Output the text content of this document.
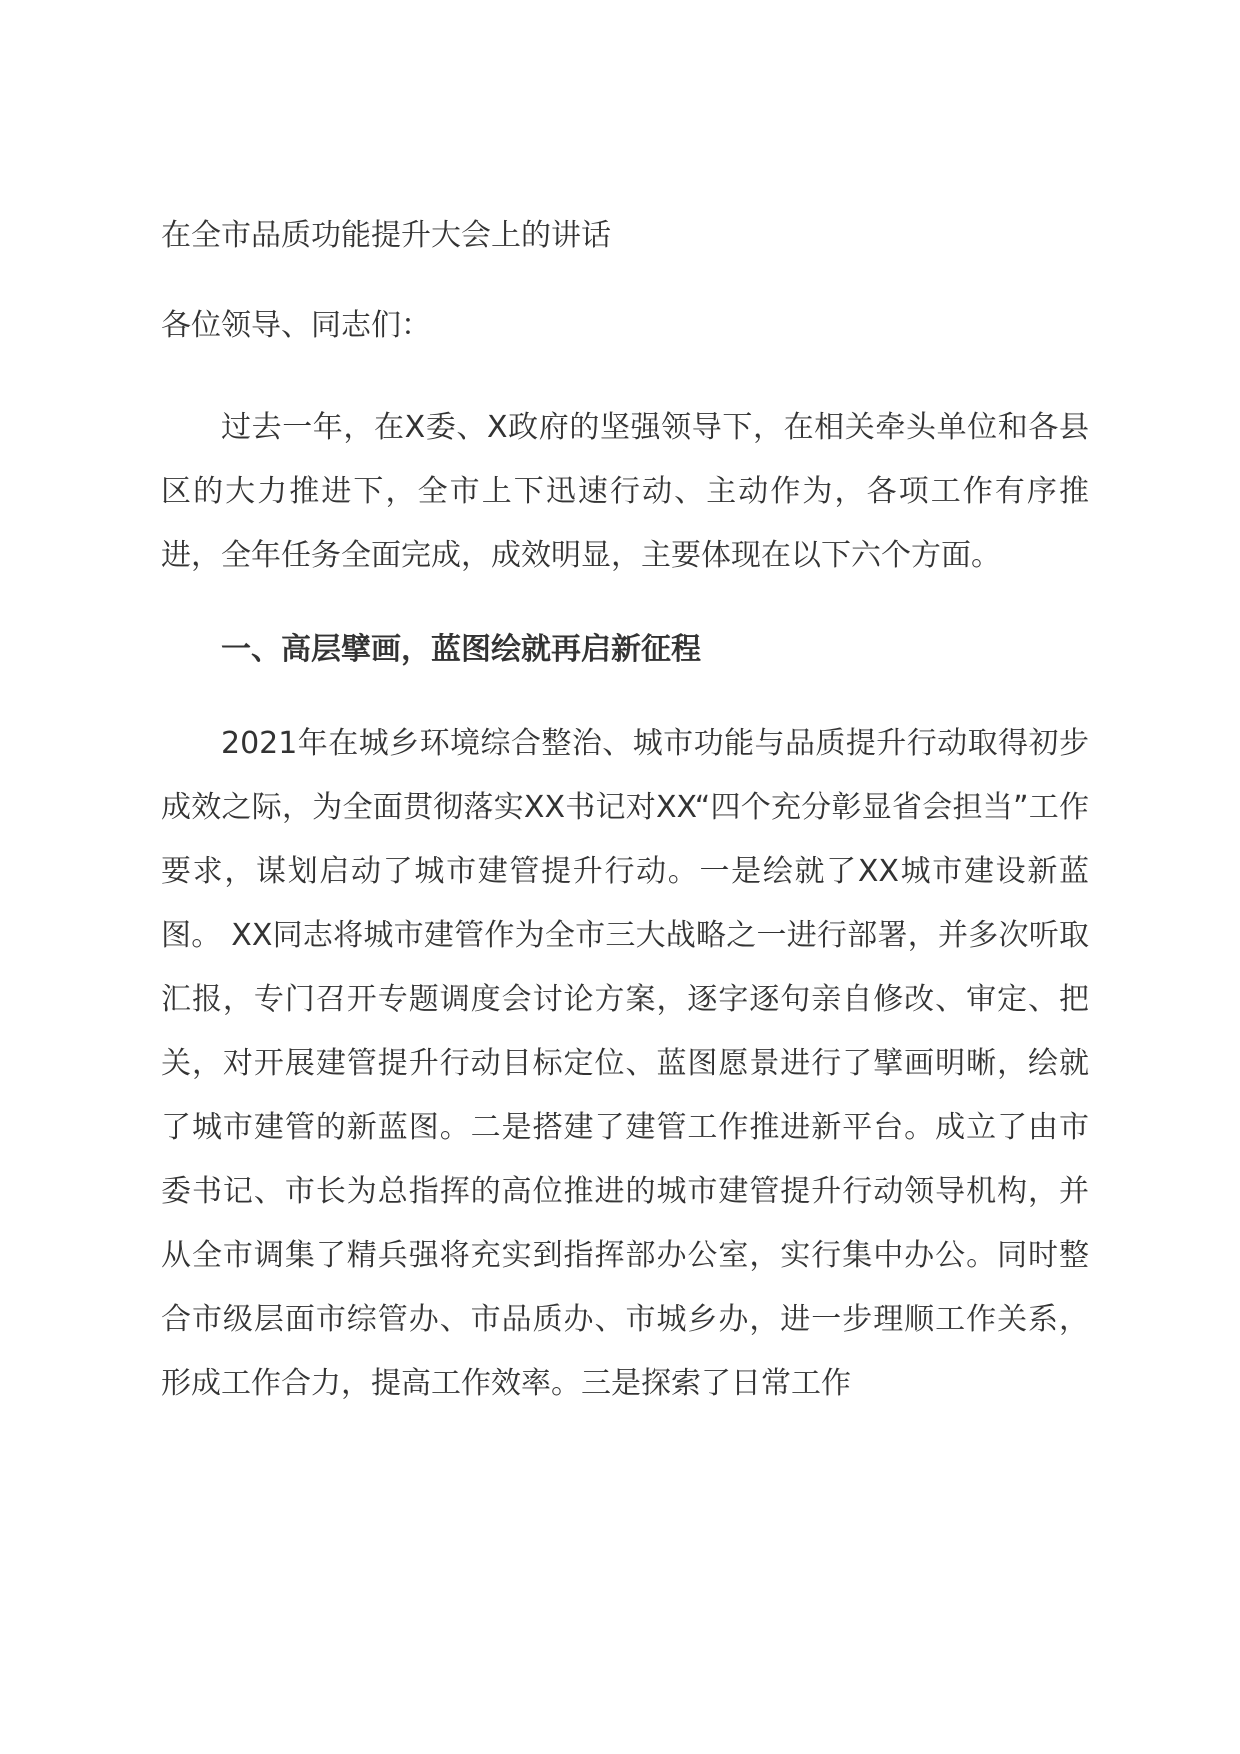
在全市品质功能提升大会上的讲话

各位领导、同志们：

过去一年，在X委、X政府的坚强领导下，在相关牵头单位和各县区的大力推进下，全市上下迅速行动、主动作为，各项工作有序推进，全年任务全面完成，成效明显，主要体现在以下六个方面。

一、高层擘画，蓝图绘就再启新征程

2021年在城乡环境综合整治、城市功能与品质提升行动取得初步成效之际，为全面贯彻落实XX书记对XX“四个充分彰显省会担当”工作要求，谋划启动了城市建管提升行动。一是绘就了XX城市建设新蓝图。 XX同志将城市建管作为全市三大战略之一进行部署，并多次听取汇报，专门召开专题调度会讨论方案，逐字逐句亲自修改、审定、把关，对开展建管提升行动目标定位、蓝图愿景进行了擘画明晰，绘就了城市建管的新蓝图。二是搭建了建管工作推进新平台。成立了由市委书记、市长为总指挥的高位推进的城市建管提升行动领导机构，并从全市调集了精兵强将充实到指挥部办公室，实行集中办公。同时整合市级层面市综管办、市品质办、市城乡办，进一步理顺工作关系，形成工作合力，提高工作效率。三是探索了日常工作
